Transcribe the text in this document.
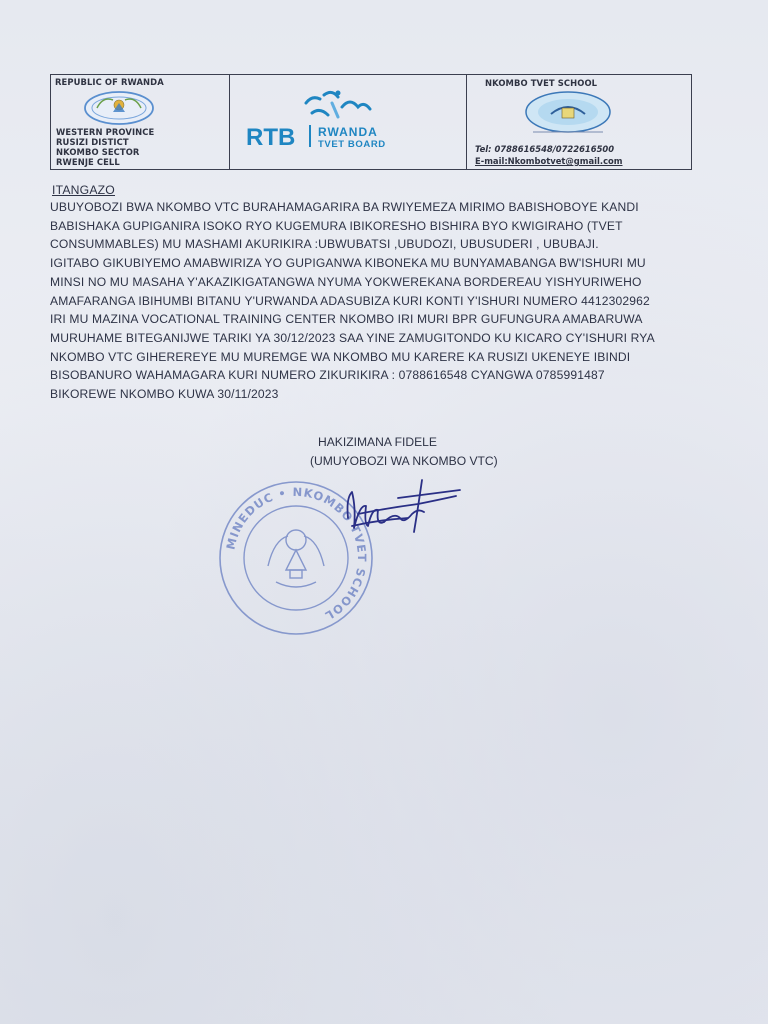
REPUBLIC OF RWANDA
WESTERN PROVINCE
RUSIZI DISTICT
NKOMBO SECTOR
RWENJE CELL
RTB RWANDA
TVET BOARD
NKOMBO TVET SCHOOL
Tel: 0788616548/0722616500
E-mail:Nkombotvet@gmail.com
ITANGAZO
UBUYOBOZI BWA NKOMBO VTC BURAHAMAGARIRA BA RWIYEMEZA MIRIMO BABISHOBOYE KANDI
BABISHAKA GUPIGANIRA ISOKO RYO KUGEMURA IBIKORESHO BISHIRA BYO KWIGIRAHO (TVET
CONSUMMABLES) MU MASHAMI AKURIKIRA :UBWUBATSI ,UBUDOZI, UBUSUDERI , UBUBAJI.
IGITABO GIKUBIYEMO AMABWIRIZA YO GUPIGANWA KIBONEKA MU BUNYAMABANGA BW'ISHURI MU
MINSI NO MU MASAHA Y'AKAZIKIGATANGWA NYUMA YOKWEREKANA BORDEREAU YISHYURIWEHO
AMAFARANGA IBIHUMBI BITANU Y'URWANDA ADASUBIZA KURI KONTI Y'ISHURI NUMERO 4412302962
IRI MU MAZINA VOCATIONAL TRAINING CENTER NKOMBO IRI MURI BPR GUFUNGURA AMABARUWA
MURUHAME BITEGANIJWE TARIKI YA 30/12/2023 SAA YINE ZAMUGITONDO KU KICARO CY'ISHURI RYA
NKOMBO VTC GIHEREREYE MU MUREMGE WA NKOMBO MU KARERE KA RUSIZI UKENEYE IBINDI
BISOBANURO WAHAMAGARA KURI NUMERO ZIKURIKIRA : 0788616548 CYANGWA 0785991487
BIKOREWE NKOMBO KUWA 30/11/2023
HAKIZIMANA FIDELE
(UMUYOBOZI WA NKOMBO VTC)
MINEDUC • NKOMBO TVET SCHOOL
